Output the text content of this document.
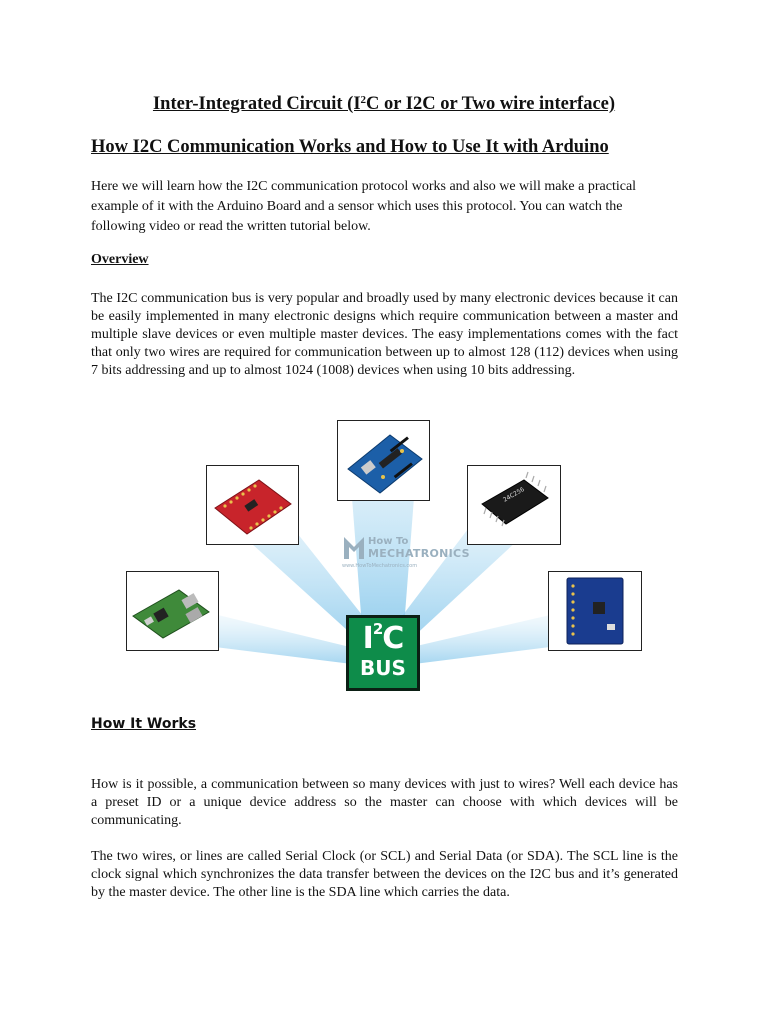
Inter-Integrated Circuit ($I^2C$ or I2C or Two wire interface)
How I2C Communication Works and How to Use It with Arduino
Here we will learn how the I2C communication protocol works and also we will make a practical example of it with the Arduino Board and a sensor which uses this protocol. You can watch the following video or read the written tutorial below.
Overview
The I2C communication bus is very popular and broadly used by many electronic devices because it can be easily implemented in many electronic designs which require communication between a master and multiple slave devices or even multiple master devices. The easy implementations comes with the fact that only two wires are required for communication between up to almost 128 (112) devices when using 7 bits addressing and up to almost 1024 (1008) devices when using 10 bits addressing.
24C256
How To
MECHATRONICS
www.HowToMechatronics.com
$I^2C$
BUS
How It Works
How is it possible, a communication between so many devices with just to wires? Well each device has a preset ID or a unique device address so the master can choose with which devices will be communicating.
The two wires, or lines are called Serial Clock (or SCL) and Serial Data (or SDA). The SCL line is the clock signal which synchronizes the data transfer between the devices on the I2C bus and it’s generated by the master device. The other line is the SDA line which carries the data.
